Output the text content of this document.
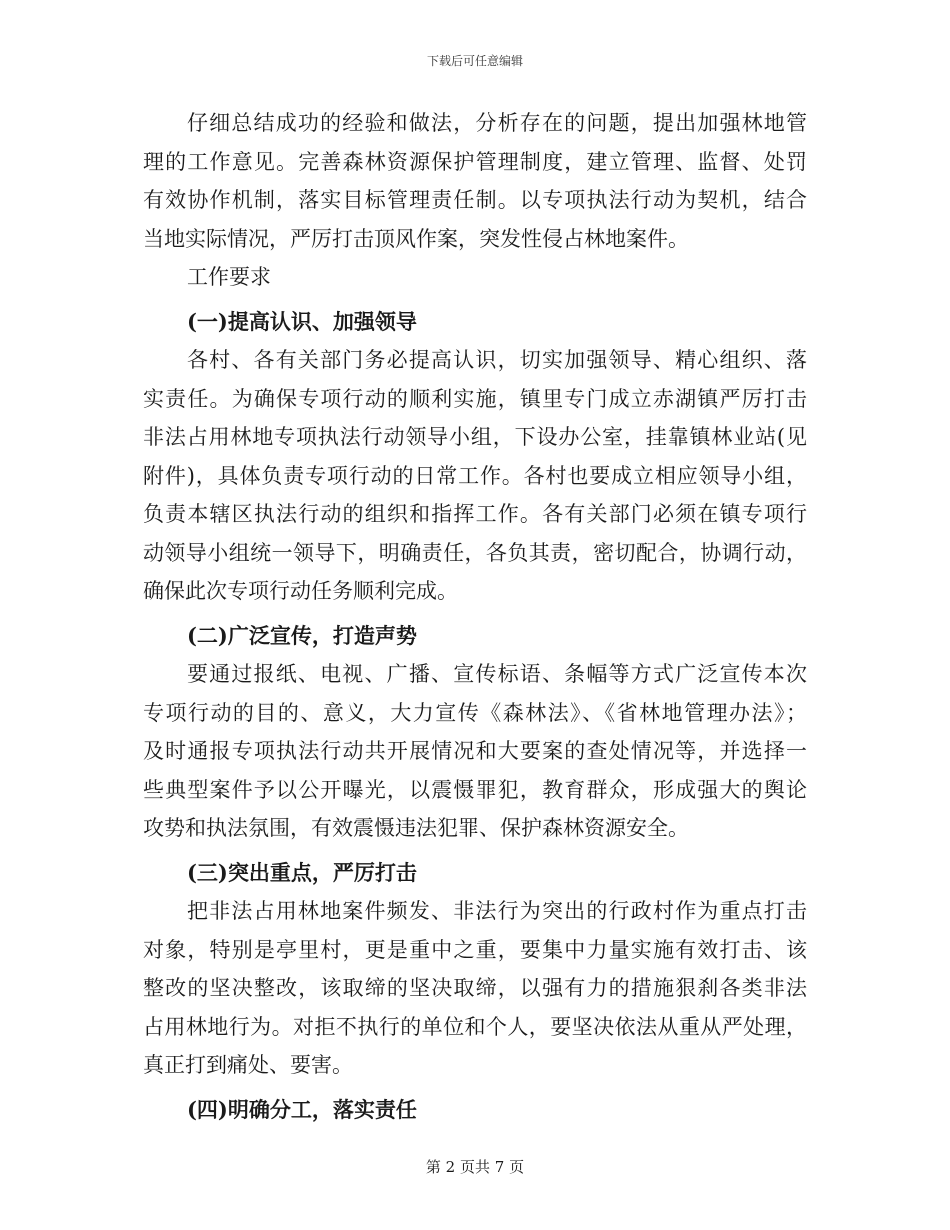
下载后可任意编辑

仔细总结成功的经验和做法，分析存在的问题，提出加强林地管

理的工作意见。完善森林资源保护管理制度，建立管理、监督、处罚

有效协作机制，落实目标管理责任制。以专项执法行动为契机，结合

当地实际情况，严厉打击顶风作案，突发性侵占林地案件。

工作要求

(一)提高认识、加强领导

各村、各有关部门务必提高认识，切实加强领导、精心组织、落

实责任。为确保专项行动的顺利实施，镇里专门成立赤湖镇严厉打击

非法占用林地专项执法行动领导小组，下设办公室，挂靠镇林业站(见

附件)，具体负责专项行动的日常工作。各村也要成立相应领导小组，

负责本辖区执法行动的组织和指挥工作。各有关部门必须在镇专项行

动领导小组统一领导下，明确责任，各负其责，密切配合，协调行动，

确保此次专项行动任务顺利完成。

(二)广泛宣传，打造声势

要通过报纸、电视、广播、宣传标语、条幅等方式广泛宣传本次

专项行动的目的、意义，大力宣传《森林法》、《省林地管理办法》；

及时通报专项执法行动共开展情况和大要案的查处情况等，并选择一

些典型案件予以公开曝光，以震慑罪犯，教育群众，形成强大的舆论

攻势和执法氛围，有效震慑违法犯罪、保护森林资源安全。

(三)突出重点，严厉打击

把非法占用林地案件频发、非法行为突出的行政村作为重点打击

对象，特别是亭里村，更是重中之重，要集中力量实施有效打击、该

整改的坚决整改，该取缔的坚决取缔，以强有力的措施狠刹各类非法

占用林地行为。对拒不执行的单位和个人，要坚决依法从重从严处理，

真正打到痛处、要害。

(四)明确分工，落实责任

第 2 页共 7 页
